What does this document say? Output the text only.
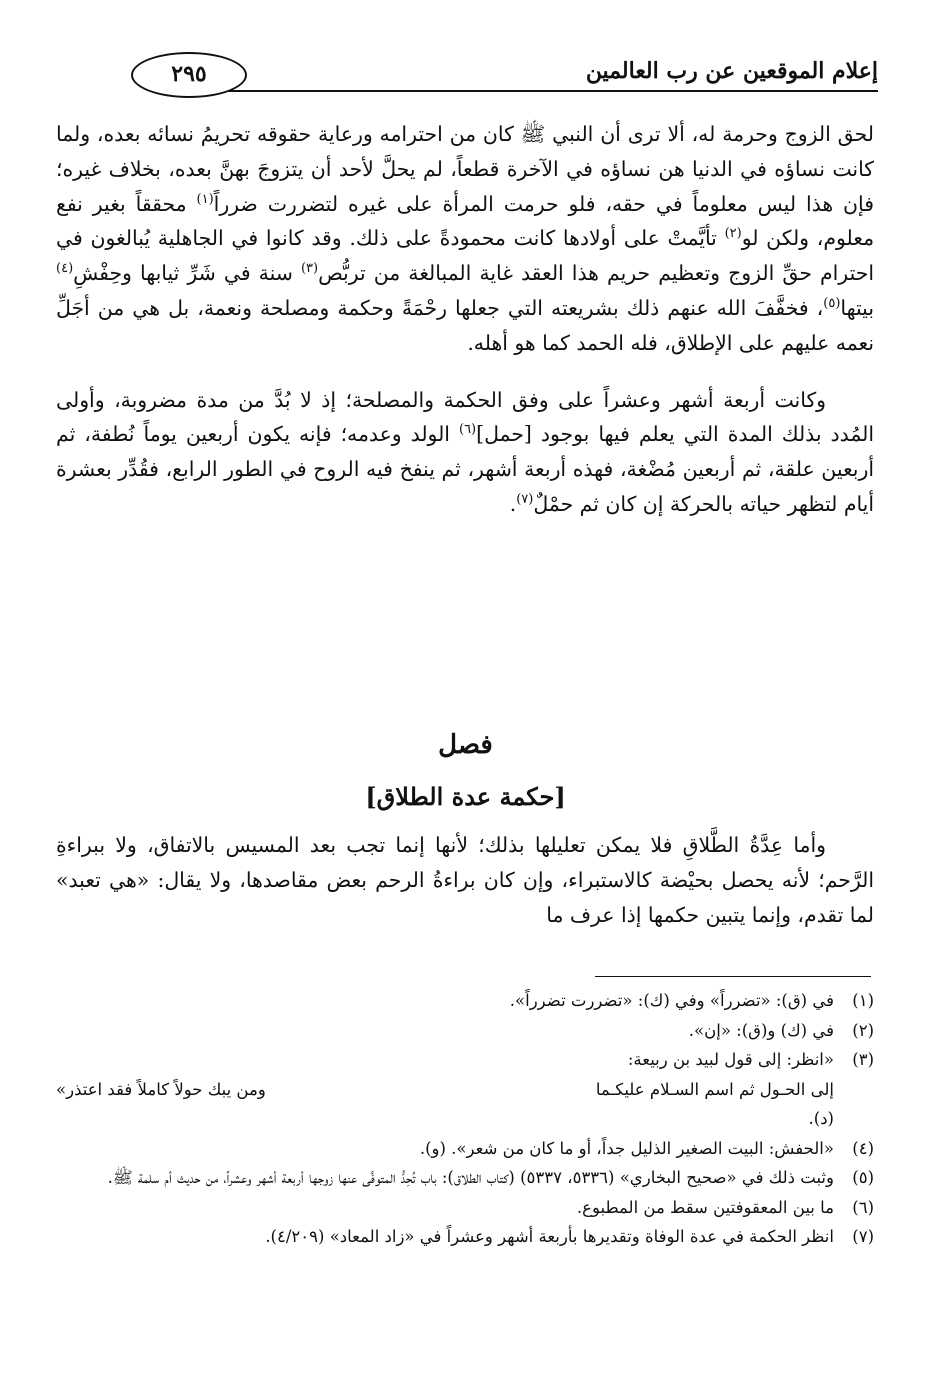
إعلام الموقعين عن رب العالمين
٢٩٥

لحق الزوج وحرمة له، ألا ترى أن النبي ﷺ كان من احترامه ورعاية حقوقه تحريمُ نسائه بعده، ولما كانت نساؤه في الدنيا هن نساؤه في الآخرة قطعاً، لم يحلَّ لأحد أن يتزوجَ بهنَّ بعده، بخلاف غيره؛ فإن هذا ليس معلوماً في حقه، فلو حرمت المرأة على غيره لتضررت ضرراً$^{(١)}$ محققاً بغير نفع معلوم، ولكن لو$^{(٢)}$ تأيَّمتْ على أولادها كانت محمودةً على ذلك. وقد كانوا في الجاهلية يُبالغون في احترام حقِّ الزوج وتعظيم حريم هذا العقد غاية المبالغة من تربُّص$^{(٣)}$ سنة في شَرِّ ثيابها وحِفْشِ$^{(٤)}$ بيتها$^{(٥)}$، فخفَّفَ الله عنهم ذلك بشريعته التي جعلها رحْمَةً وحكمة ومصلحة ونعمة، بل هي من أجَلِّ نعمه عليهم على الإطلاق، فله الحمد كما هو أهله.

وكانت أربعة أشهر وعشراً على وفق الحكمة والمصلحة؛ إذ لا بُدَّ من مدة مضروبة، وأولى المُدد بذلك المدة التي يعلم فيها بوجود [حمل]$^{(٦)}$ الولد وعدمه؛ فإنه يكون أربعين يوماً نُطفة، ثم أربعين علقة، ثم أربعين مُضْغة، فهذه أربعة أشهر، ثم ينفخ فيه الروح في الطور الرابع، فقُدِّر بعشرة أيام لتظهر حياته بالحركة إن كان ثم حمْلٌ$^{(٧)}$.

فصل
[حكمة عدة الطلاق]

وأما عِدَّةُ الطَّلاقِ فلا يمكن تعليلها بذلك؛ لأنها إنما تجب بعد المسيس بالاتفاق، ولا ببراءةِ الرَّحم؛ لأنه يحصل بحيْضة كالاستبراء، وإن كان براءةُ الرحم بعض مقاصدها، ولا يقال: «هي تعبد» لما تقدم، وإنما يتبين حكمها إذا عرف ما

(١)
في (ق): «تضرراً» وفي (ك): «تضررت تضرراً».
(٢)
في (ك) و(ق): «إن».
(٣)
«انظر: إلى قول لبيد بن ربيعة:
إلى الحـول ثم اسم السـلام عليكـما
ومن يبك حولاً كاملاً فقد اعتذر»
(د).
(٤)
«الحفش: البيت الصغير الذليل جداً، أو ما كان من شعر». (و).
(٥)
وثبت ذلك في «صحيح البخاري» (٥٣٣٦، ٥٣٣٧) (كتاب الطلاق): باب تُحِدُّ المتوفَّى عنها زوجها أربعة أشهر وعشراً، من حديث أم سلمة ﷺ.
(٦)
ما بين المعقوفتين سقط من المطبوع.
(٧)
انظر الحكمة في عدة الوفاة وتقديرها بأربعة أشهر وعشراً في «زاد المعاد» (٤/٢٠٩).
